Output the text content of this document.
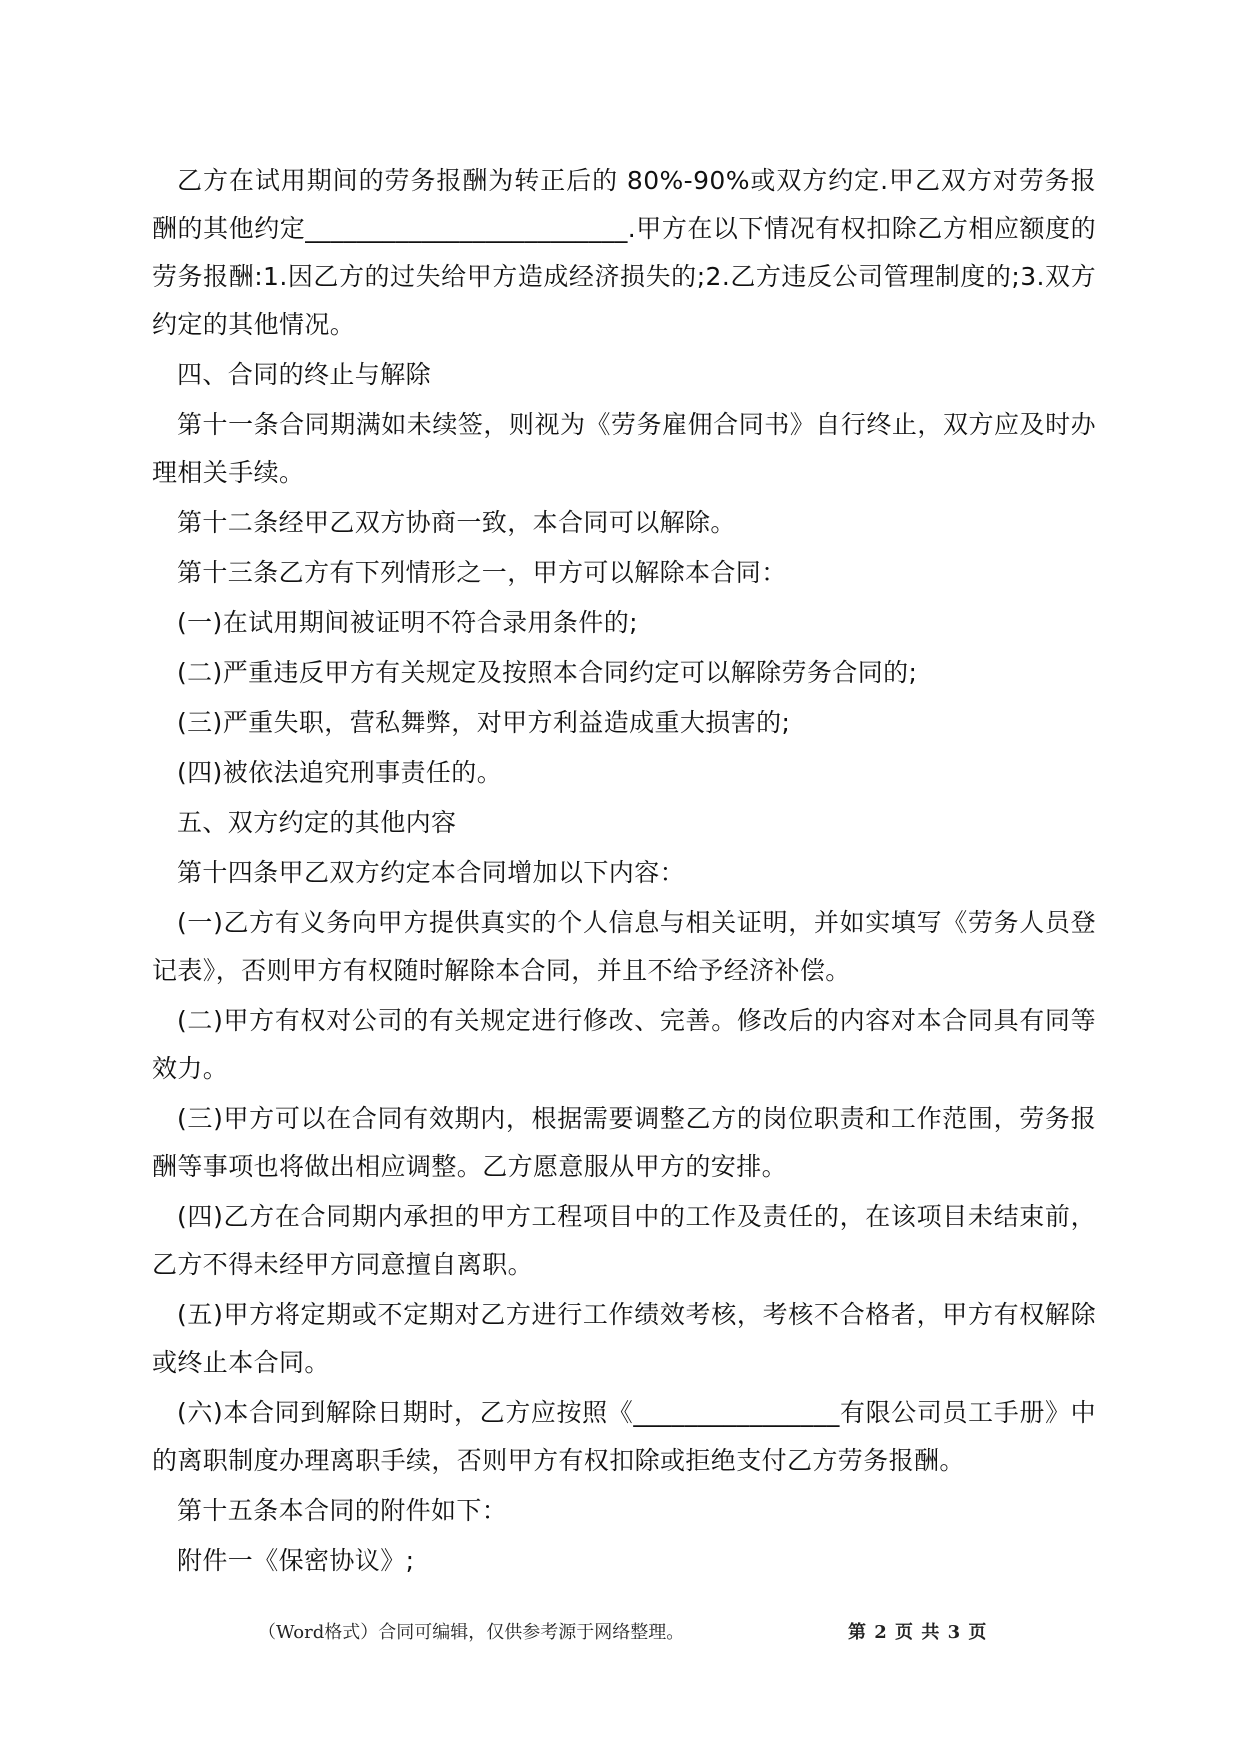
乙方在试用期间的劳务报酬为转正后的 80%-90%或双方约定.甲乙双方对劳务报酬的其他约定_________________________.甲方在以下情况有权扣除乙方相应额度的劳务报酬:1.因乙方的过失给甲方造成经济损失的;2.乙方违反公司管理制度的;3.双方约定的其他情况。

四、合同的终止与解除

第十一条合同期满如未续签，则视为《劳务雇佣合同书》自行终止，双方应及时办理相关手续。

第十二条经甲乙双方协商一致，本合同可以解除。

第十三条乙方有下列情形之一，甲方可以解除本合同：

(一)在试用期间被证明不符合录用条件的;

(二)严重违反甲方有关规定及按照本合同约定可以解除劳务合同的;

(三)严重失职，营私舞弊，对甲方利益造成重大损害的;

(四)被依法追究刑事责任的。

五、双方约定的其他内容

第十四条甲乙双方约定本合同增加以下内容：

(一)乙方有义务向甲方提供真实的个人信息与相关证明，并如实填写《劳务人员登记表》，否则甲方有权随时解除本合同，并且不给予经济补偿。

(二)甲方有权对公司的有关规定进行修改、完善。修改后的内容对本合同具有同等效力。

(三)甲方可以在合同有效期内，根据需要调整乙方的岗位职责和工作范围，劳务报酬等事项也将做出相应调整。乙方愿意服从甲方的安排。

(四)乙方在合同期内承担的甲方工程项目中的工作及责任的，在该项目未结束前，乙方不得未经甲方同意擅自离职。

(五)甲方将定期或不定期对乙方进行工作绩效考核，考核不合格者，甲方有权解除或终止本合同。

(六)本合同到解除日期时，乙方应按照《________________有限公司员工手册》中的离职制度办理离职手续，否则甲方有权扣除或拒绝支付乙方劳务报酬。

第十五条本合同的附件如下：

附件一《保密协议》;

（Word格式）合同可编辑，仅供参考源于网络整理。	第 2 页 共 3 页
